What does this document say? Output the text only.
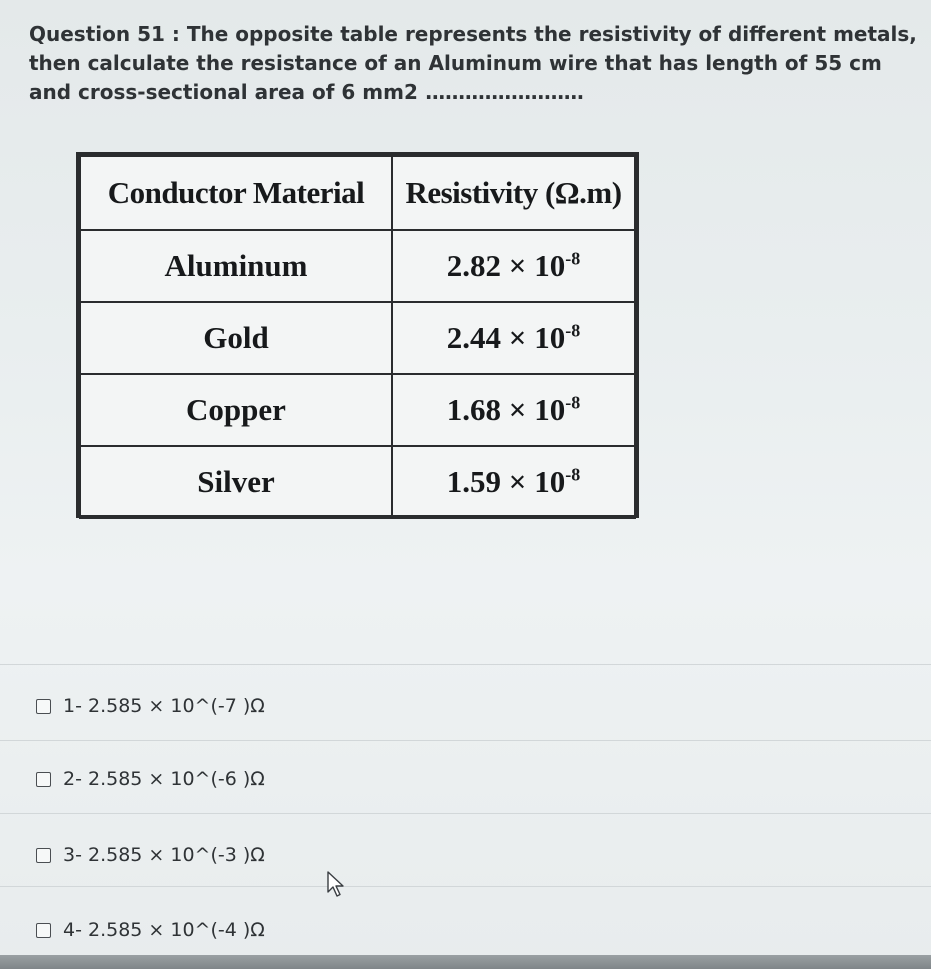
Question 51 : The opposite table represents the resistivity of different metals, then calculate the resistance of an Aluminum wire that has length of 55 cm and cross-sectional area of 6 mm2 ........................
Conductor Material	Resistivity (Ω.m)
Aluminum	$2.82 \times 10^{-8}$
Gold	$2.44 \times 10^{-8}$
Copper	$1.68 \times 10^{-8}$
Silver	$1.59 \times 10^{-8}$
1- 2.585 × 10^(-7 )Ω
2- 2.585 × 10^(-6 )Ω
3- 2.585 × 10^(-3 )Ω
4- 2.585 × 10^(-4 )Ω
